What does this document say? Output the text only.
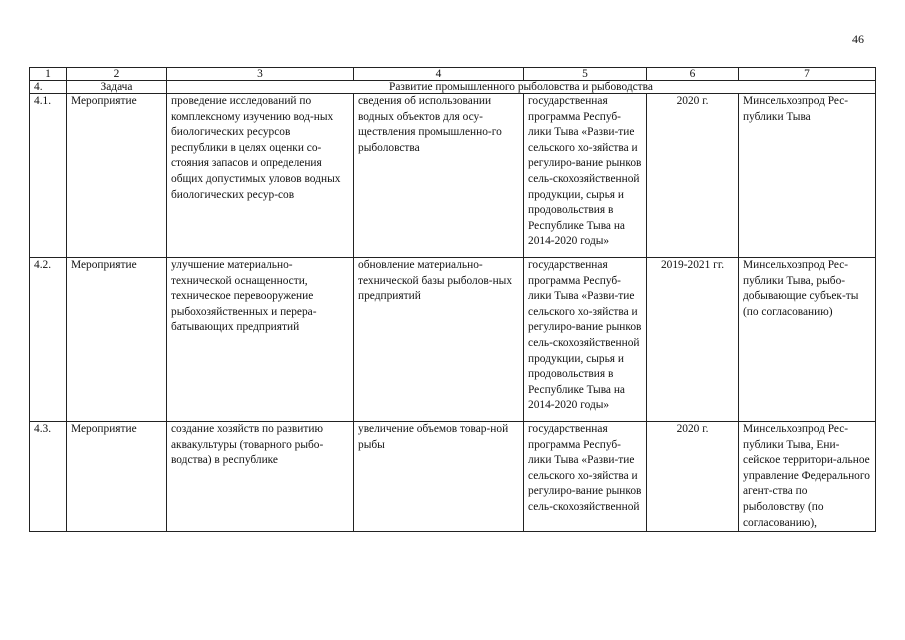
46
1	2	3	4	5	6	7
4.	Задача	Развитие промышленного рыболовства и рыбоводства				
4.1.	Мероприятие	проведение исследований по комплексному изучению вод-ных биологических ресурсов республики в целях оценки со-стояния запасов и определения общих допустимых уловов водных биологических ресур-сов	сведения об использовании водных объектов для осу-ществления промышленно-го рыболовства	государственная программа Респуб-лики Тыва «Разви-тие сельского хо-зяйства и регулиро-вание рынков сель-скохозяйственной продукции, сырья и продовольствия в Республике Тыва на 2014-2020 годы»	2020 г.	Минсельхозпрод Рес-публики Тыва
4.2.	Мероприятие	улучшение материально-технической оснащенности, техническое перевооружение рыбохозяйственных и перера-батывающих предприятий	обновление материально-технической базы рыболов-ных предприятий	государственная программа Респуб-лики Тыва «Разви-тие сельского хо-зяйства и регулиро-вание рынков сель-скохозяйственной продукции, сырья и продовольствия в Республике Тыва на 2014-2020 годы»	2019-2021 гг.	Минсельхозпрод Рес-публики Тыва, рыбо-добывающие субъек-ты (по согласованию)
4.3.	Мероприятие	создание хозяйств по развитию аквакультуры (товарного рыбо-водства) в республике	увеличение объемов товар-ной рыбы	государственная программа Респуб-лики Тыва «Разви-тие сельского хо-зяйства и регулиро-вание рынков сель-скохозяйственной	2020 г.	Минсельхозпрод Рес-публики Тыва, Ени-сейское территори-альное управление Федерального агент-ства по рыболовству (по согласованию),
